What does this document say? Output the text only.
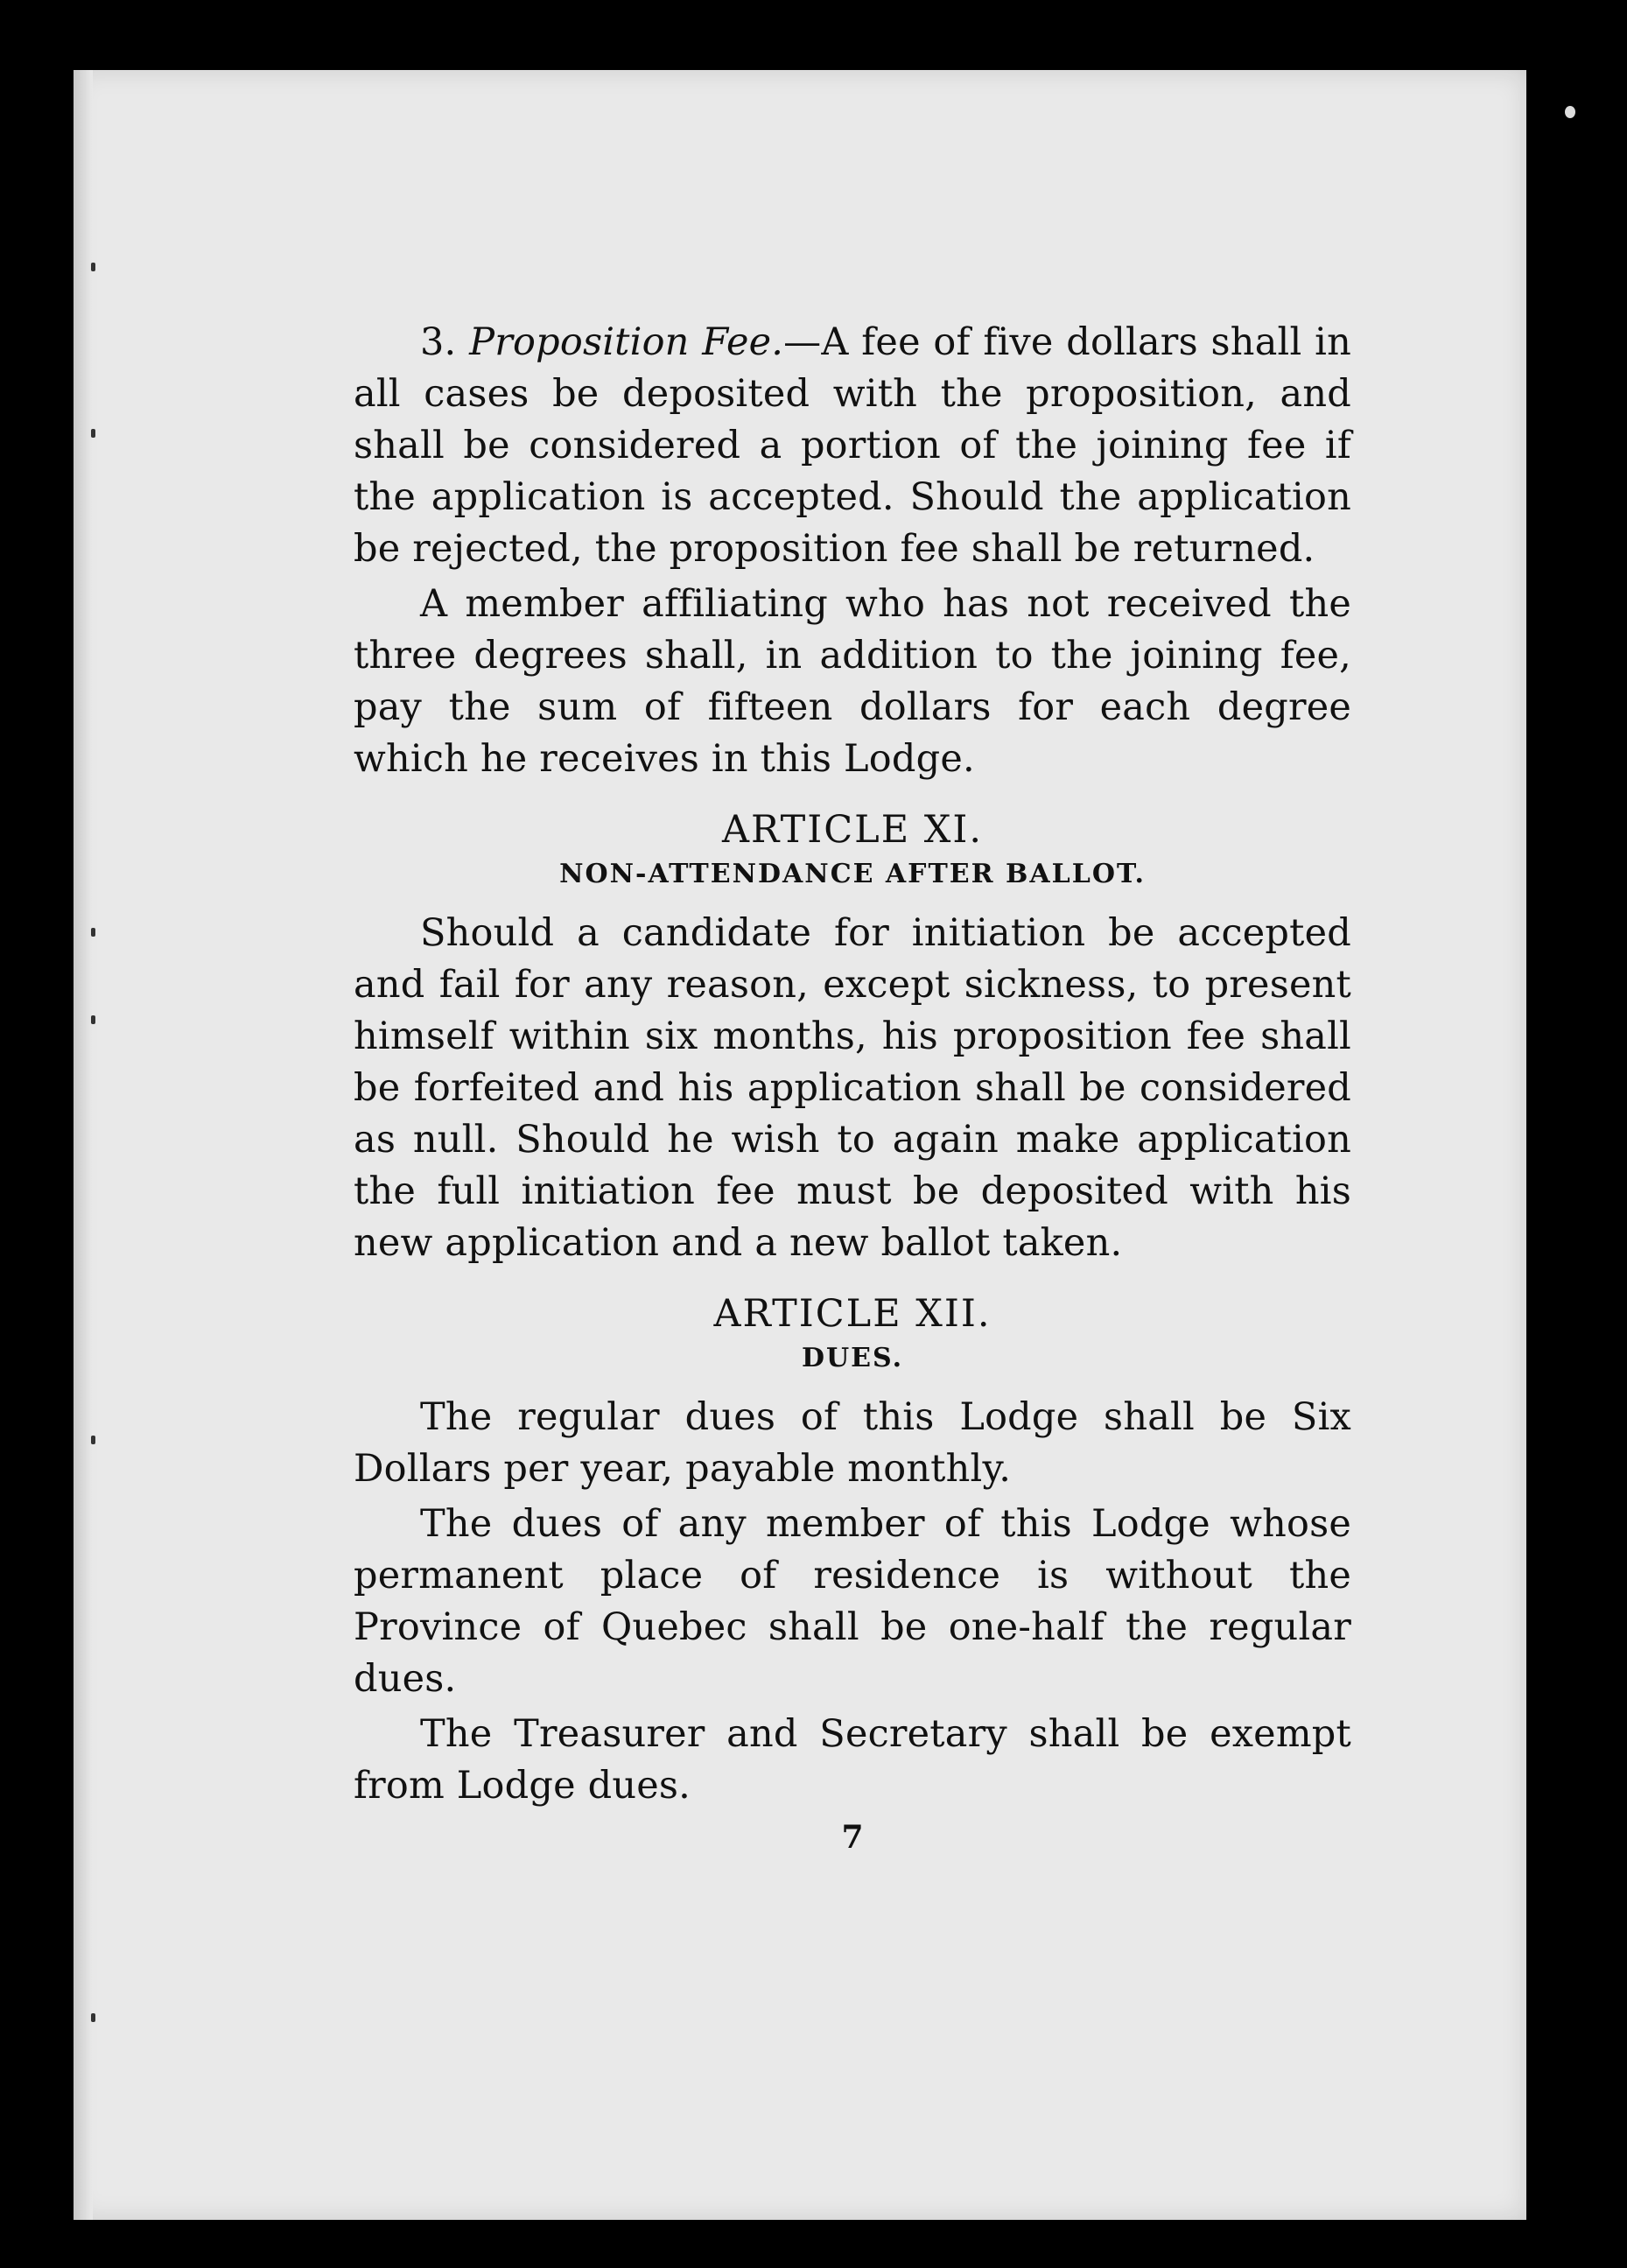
3. Proposition Fee.—A fee of five dollars shall in all cases be deposited with the proposition, and shall be considered a portion of the joining fee if the application is accepted. Should the application be rejected, the proposition fee shall be returned.

A member affiliating who has not received the three degrees shall, in addition to the joining fee, pay the sum of fifteen dollars for each degree which he receives in this Lodge.

ARTICLE XI.
NON-ATTENDANCE AFTER BALLOT.

Should a candidate for initiation be accepted and fail for any reason, except sickness, to present himself within six months, his proposition fee shall be forfeited and his application shall be considered as null. Should he wish to again make application the full initiation fee must be deposited with his new application and a new ballot taken.

ARTICLE XII.
DUES.

The regular dues of this Lodge shall be Six Dollars per year, payable monthly.

The dues of any member of this Lodge whose permanent place of residence is without the Province of Quebec shall be one-half the regular dues.

The Treasurer and Secretary shall be exempt from Lodge dues.

7
